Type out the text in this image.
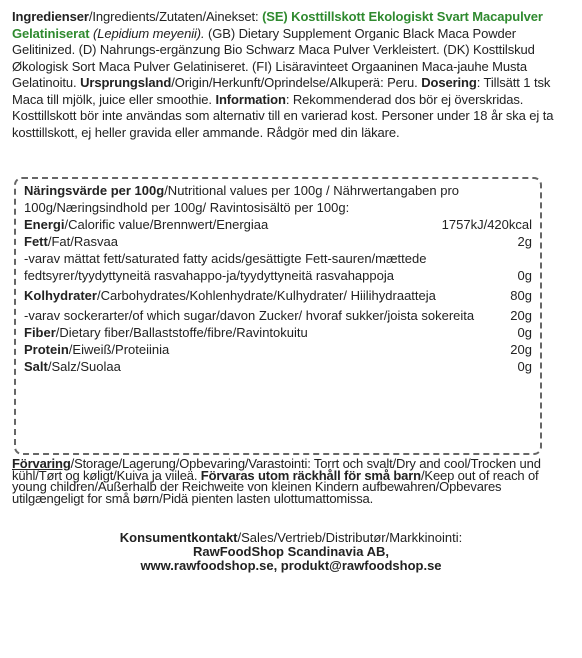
Ingredienser/Ingredients/Zutaten/Ainekset: (SE) Kosttillskott Ekologiskt Svart Macapulver Gelatiniserat (Lepidium meyenii). (GB) Dietary Supplement Organic Black Maca Powder Gelitinized. (D) Nahrungs-ergänzung Bio Schwarz Maca Pulver Verkleistert. (DK) Kosttilskud Økologisk Sort Maca Pulver Gelatiniseret. (FI) Lisäravinteet Orgaaninen Maca-jauhe Musta Gelatinoitu. Ursprungsland/Origin/Herkunft/Oprindelse/Alkuperä: Peru. Dosering: Tillsätt 1 tsk Maca till mjölk, juice eller smoothie. Information: Rekommenderad dos bör ej överskridas. Kosttillskott bör inte användas som alternativ till en varierad kost. Personer under 18 år ska ej ta kosttillskott, ej heller gravida eller ammande. Rådgör med din läkare.
Näringsvärde per 100g/Nutritional values per 100g / Nährwertangaben pro 100g/Næringsindhold per 100g/ Ravintosisältö per 100g:
Energi/Calorific value/Brennwert/Energiaa	1757kJ/420kcal
Fett/Fat/Rasvaa	2g
-varav mättat fett/saturated fatty acids/gesättigte Fett-sauren/mættede fedtsyrer/tyydyttyneitä rasvahappo-ja/tyydyttyneitä rasvahappoja	0g
Kolhydrater/Carbohydrates/Kohlenhydrate/Kulhydrater/ Hiilihydraatteja	80g
-varav sockerarter/of which sugar/davon Zucker/ hvoraf sukker/joista sokereita	20g
Fiber/Dietary fiber/Ballaststoffe/fibre/Ravintokuitu	0g
Protein/Eiweiß/Proteiinia	20g
Salt/Salz/Suolaa	0g
Förvaring/Storage/Lagerung/Opbevaring/Varastointi: Torrt och svalt/Dry and cool/Trocken und kühl/Tørt og køligt/Kuiva ja viileä. Förvaras utom räckhåll för små barn/Keep out of reach of young children/Außerhalb der Reichweite von kleinen Kindern aufbewahren/Opbevares utilgængeligt for små børn/Pidä pienten lasten ulottumattomissa.
Konsumentkontakt/Sales/Vertrieb/Distributør/Markkinointi:
RawFoodShop Scandinavia AB,
www.rawfoodshop.se, produkt@rawfoodshop.se
